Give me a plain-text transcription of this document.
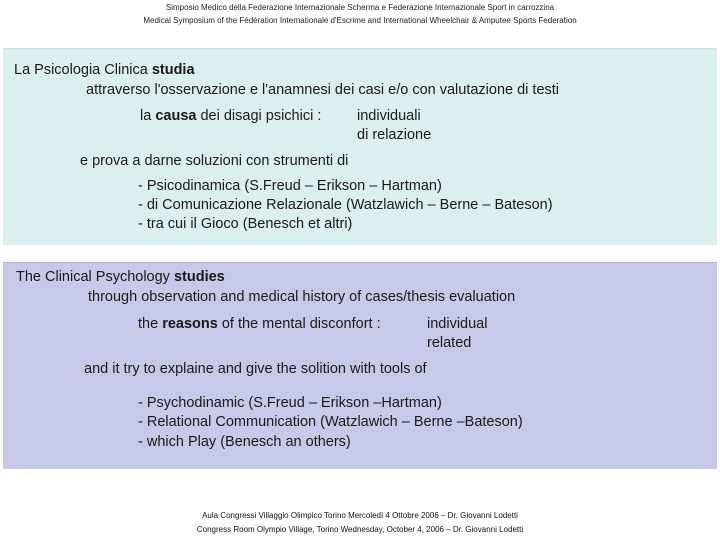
Simposio Medico della Federazione Internazionale Scherma e Federazione Internazionale Sport in carrozzina
Medical Symposium of the Fédération Internationale d'Escrime and International Wheelchair & Amputee Sports Federation
La Psicologia Clinica studia
attraverso l'osservazione e l'anamnesi dei casi e/o con valutazione di testi
la causa dei disagi psichici : individuali
di relazione
e prova a darne soluzioni con strumenti di
- Psicodinamica (S.Freud – Erikson – Hartman)
- di Comunicazione Relazionale (Watzlawich – Berne – Bateson)
- tra cui il Gioco (Benesch et altri)
The Clinical Psychology studies
through observation and medical history of cases/thesis evaluation
the reasons of the mental disconfort :	individual
related
and it try to explaine and give the solition with tools of
- Psychodinamic (S.Freud – Erikson –Hartman)
- Relational Communication (Watzlawich – Berne –Bateson)
- which Play (Benesch an others)
Aula Congressi Villaggio Olimpico Torino Mercoledì 4 Ottobre 2006 – Dr. Giovanni Lodetti
Congress Room Olympio Village, Torino Wednesday, October 4, 2006 – Dr. Giovanni Lodetti
